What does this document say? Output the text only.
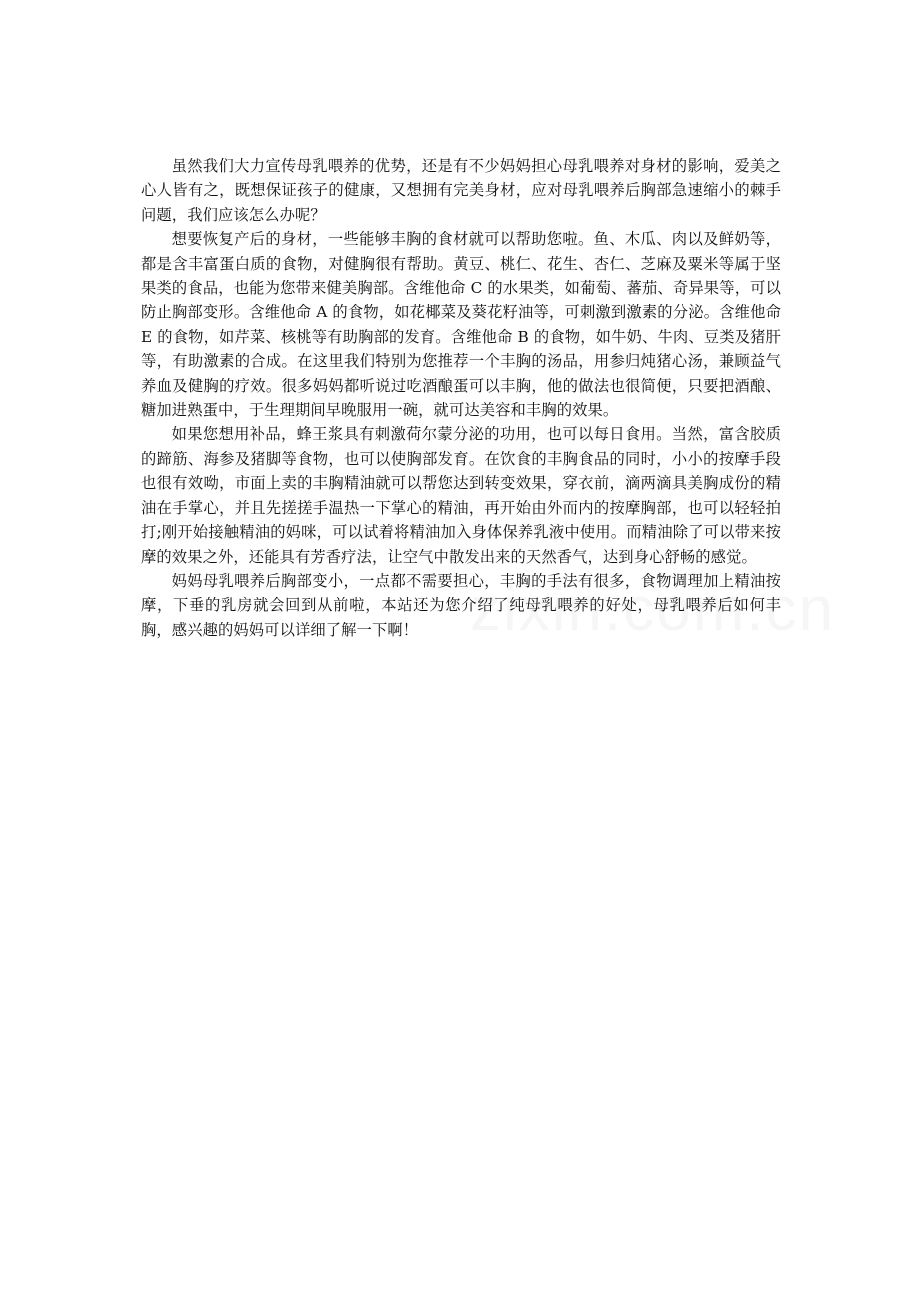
虽然我们大力宣传母乳喂养的优势，还是有不少妈妈担心母乳喂养对身材的影响，爱美之心人皆有之，既想保证孩子的健康，又想拥有完美身材，应对母乳喂养后胸部急速缩小的棘手问题，我们应该怎么办呢？

想要恢复产后的身材，一些能够丰胸的食材就可以帮助您啦。鱼、木瓜、肉以及鲜奶等，都是含丰富蛋白质的食物，对健胸很有帮助。黄豆、桃仁、花生、杏仁、芝麻及粟米等属于坚果类的食品，也能为您带来健美胸部。含维他命 C 的水果类，如葡萄、蕃茄、奇异果等，可以防止胸部变形。含维他命 A 的食物，如花椰菜及葵花籽油等，可刺激到激素的分泌。含维他命 E 的食物，如芹菜、核桃等有助胸部的发育。含维他命 B 的食物，如牛奶、牛肉、豆类及猪肝等，有助激素的合成。在这里我们特别为您推荐一个丰胸的汤品，用参归炖猪心汤，兼顾益气养血及健胸的疗效。很多妈妈都听说过吃酒酿蛋可以丰胸，他的做法也很简便，只要把酒酿、糖加进熟蛋中，于生理期间早晚服用一碗，就可达美容和丰胸的效果。

如果您想用补品，蜂王浆具有刺激荷尔蒙分泌的功用，也可以每日食用。当然，富含胶质的蹄筋、海参及猪脚等食物，也可以使胸部发育。在饮食的丰胸食品的同时，小小的按摩手段也很有效呦，市面上卖的丰胸精油就可以帮您达到转变效果，穿衣前，滴两滴具美胸成份的精油在手掌心，并且先搓搓手温热一下掌心的精油，再开始由外而内的按摩胸部，也可以轻轻拍打;刚开始接触精油的妈咪，可以试着将精油加入身体保养乳液中使用。而精油除了可以带来按摩的效果之外，还能具有芳香疗法，让空气中散发出来的天然香气，达到身心舒畅的感觉。

妈妈母乳喂养后胸部变小，一点都不需要担心，丰胸的手法有很多，食物调理加上精油按摩，下垂的乳房就会回到从前啦，本站还为您介绍了纯母乳喂养的好处，母乳喂养后如何丰胸，感兴趣的妈妈可以详细了解一下啊！
